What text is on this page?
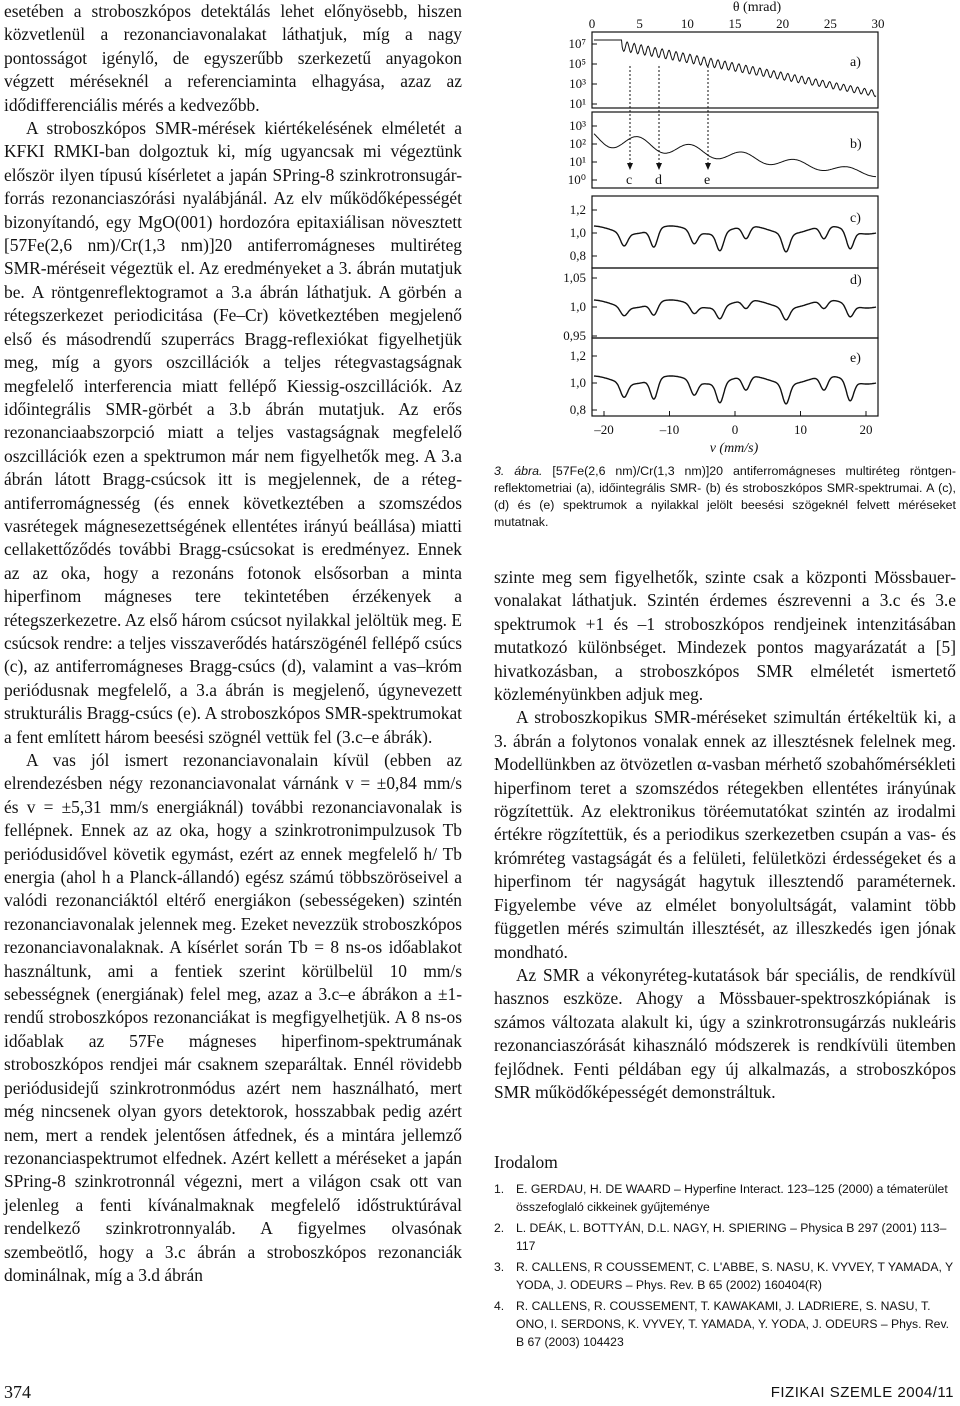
esetében a stroboszkópos detektálás lehet előnyösebb, hiszen közvetlenül a rezonanciavonalakat láthatjuk, míg a nagy pontosságot igénylő, de egyszerűbb szerkezetű anyagokon végzett méréseknél a referenciaminta elhagyása, azaz az idődifferenciális mérés a kedvezőbb.

A stroboszkópos SMR-mérések kiértékelésének elméletét a KFKI RMKI-ban dolgoztuk ki, míg ugyancsak mi végeztünk először ilyen típusú kísérletet a japán SPring-8 szinkrotronsugár-forrás rezonanciaszórási nyalábjánál. Az elv működőképességét bizonyítandó, egy MgO(001) hordozóra epitaxiálisan növesztett [57Fe(2,6 nm)/Cr(1,3 nm)]20 antiferromágneses multiréteg SMR-méréseit végeztük el. Az eredményeket a 3. ábrán mutatjuk be. A röntgenreflektogramot a 3.a ábrán láthatjuk. A görbén a rétegszerkezet periodicitása (Fe–Cr) következtében megjelenő első és másodrendű szuperrács Bragg-reflexiókat figyelhetjük meg, míg a gyors oszcillációk a teljes rétegvastagságnak megfelelő interferencia miatt fellépő Kiessig-oszcillációk. Az időintegrális SMR-görbét a 3.b ábrán mutatjuk. Az erős rezonanciaabszorpció miatt a teljes vastagságnak megfelelő oszcillációk ezen a spektrumon már nem figyelhetők meg. A 3.a ábrán látott Bragg-csúcsok itt is megjelennek, de a réteg-antiferromágnesség (és ennek következtében a szomszédos vasrétegek mágnesezettségének ellentétes irányú beállása) miatti cellakettőződés további Bragg-csúcsokat is eredményez. Ennek az az oka, hogy a rezonáns fotonok elsősorban a minta hiperfinom mágneses tere tekintetében érzékenyek a rétegszerkezetre. Az első három csúcsot nyilakkal jelöltük meg. E csúcsok rendre: a teljes visszaverődés határszögénél fellépő csúcs (c), az antiferromágneses Bragg-csúcs (d), valamint a vas–króm periódusnak megfelelő, a 3.a ábrán is megjelenő, úgynevezett strukturális Bragg-csúcs (e). A stroboszkópos SMR-spektrumokat a fent említett három beesési szögnél vettük fel (3.c–e ábrák).

A vas jól ismert rezonanciavonalain kívül (ebben az elrendezésben négy rezonanciavonalat várnánk v = ±0,84 mm/s és v = ±5,31 mm/s energiáknál) további rezonanciavonalak is fellépnek. Ennek az az oka, hogy a szinkrotronimpulzusok Tb periódusidővel követik egymást, ezért az ennek megfelelő h/ Tb energia (ahol h a Planck-állandó) egész számú többszöröseivel a valódi rezonanciáktól eltérő energiákon (sebességeken) szintén rezonanciavonalak jelennek meg. Ezeket nevezzük stroboszkópos rezonanciavonalaknak. A kísérlet során Tb = 8 ns-os időablakot használtunk, ami a fentiek szerint körülbelül 10 mm/s sebességnek (energiának) felel meg, azaz a 3.c–e ábrákon a ±1-rendű stroboszkópos rezonanciákat is megfigyelhetjük. A 8 ns-os időablak az 57Fe mágneses hiperfinom-spektrumának stroboszkópos rendjei már csaknem szeparáltak. Ennél rövidebb periódusidejű szinkrotronmódus azért nem használható, mert még nincsenek olyan gyors detektorok, hosszabbak pedig azért nem, mert a rendek jelentősen átfednek, és a mintára jellemző rezonanciaspektrumot elfednek. Azért kellett a méréseket a japán SPring-8 szinkrotronnál végezni, mert a világon csak ott van jelenleg a fenti kívánalmaknak megfelelő időstruktúrával rendelkező szinkrotronnyaláb. A figyelmes olvasónak szembeötlő, hogy a 3.c ábrán a stroboszkópos rezonanciák dominálnak, míg a 3.d ábrán

θ (mrad)
0	5	10	15	20	25	30
10⁷
10⁵
10³
10¹
10³
10²
10¹
10⁰
1,2
1,0
0,8
1,05
1,0
0,95
1,2
1,0
0,8
a)
b)
c)
d)
e)
c d	e
–20	–10	0	10	20
v (mm/s)
3. ábra. [57Fe(2,6 nm)/Cr(1,3 nm)]20 antiferromágneses multiréteg röntgen-reflektometriai (a), időintegrális SMR- (b) és stroboszkópos SMR-spektrumai. A (c), (d) és (e) spektrumok a nyilakkal jelölt beesési szögeknél felvett méréseket mutatnak.

szinte meg sem figyelhetők, szinte csak a központi Mössbauer-vonalakat láthatjuk. Szintén érdemes észrevenni a 3.c és 3.e spektrumok +1 és –1 stroboszkópos rendjeinek intenzitásában mutatkozó különbséget. Mindezek pontos magyarázatát a [5] hivatkozásban, a stroboszkópos SMR elméletét ismertető közleményünkben adjuk meg.

A stroboszkopikus SMR-méréseket szimultán értékeltük ki, a 3. ábrán a folytonos vonalak ennek az illesztésnek felelnek meg. Modellünkben az ötvözetlen α-vasban mérhető szobahőmérsékleti hiperfinom teret a szomszédos rétegekben ellentétes irányúnak rögzítettük. Az elektronikus töréemutatókat szintén az irodalmi értékre rögzítettük, és a periodikus szerkezetben csupán a vas- és krómréteg vastagságát és a felületi, felületközi érdességeket és a hiperfinom tér nagyságát hagytuk illesztendő paraméternek. Figyelembe véve az elmélet bonyolultságát, valamint több független mérés szimultán illesztését, az illeszkedés igen jónak mondható.

Az SMR a vékonyréteg-kutatások bár speciális, de rendkívül hasznos eszköze. Ahogy a Mössbauer-spektroszkópiának is számos változata alakult ki, úgy a szinkrotronsugárzás nukleáris rezonanciaszórását kihasználó módszerek is rendkívüli ütemben fejlődnek. Fenti példában egy új alkalmazás, a stroboszkópos SMR működőképességét demonstráltuk.

Irodalom
1. E. GERDAU, H. DE WAARD – Hyperfine Interact. 123–125 (2000) a tématerület összefoglaló cikkeinek gyűjteménye
2. L. DEÁK, L. BOTTYÁN, D.L. NAGY, H. SPIERING – Physica B 297 (2001) 113–117
3. R. CALLENS, R COUSSEMENT, C. L'ABBE, S. NASU, K. VYVEY, T YAMADA, Y YODA, J. ODEURS – Phys. Rev. B 65 (2002) 160404(R)
4. R. CALLENS, R. COUSSEMENT, T. KAWAKAMI, J. LADRIERE, S. NASU, T. ONO, I. SERDONS, K. VYVEY, T. YAMADA, Y. YODA, J. ODEURS – Phys. Rev. B 67 (2003) 104423
374	FIZIKAI SZEMLE 2004/11
